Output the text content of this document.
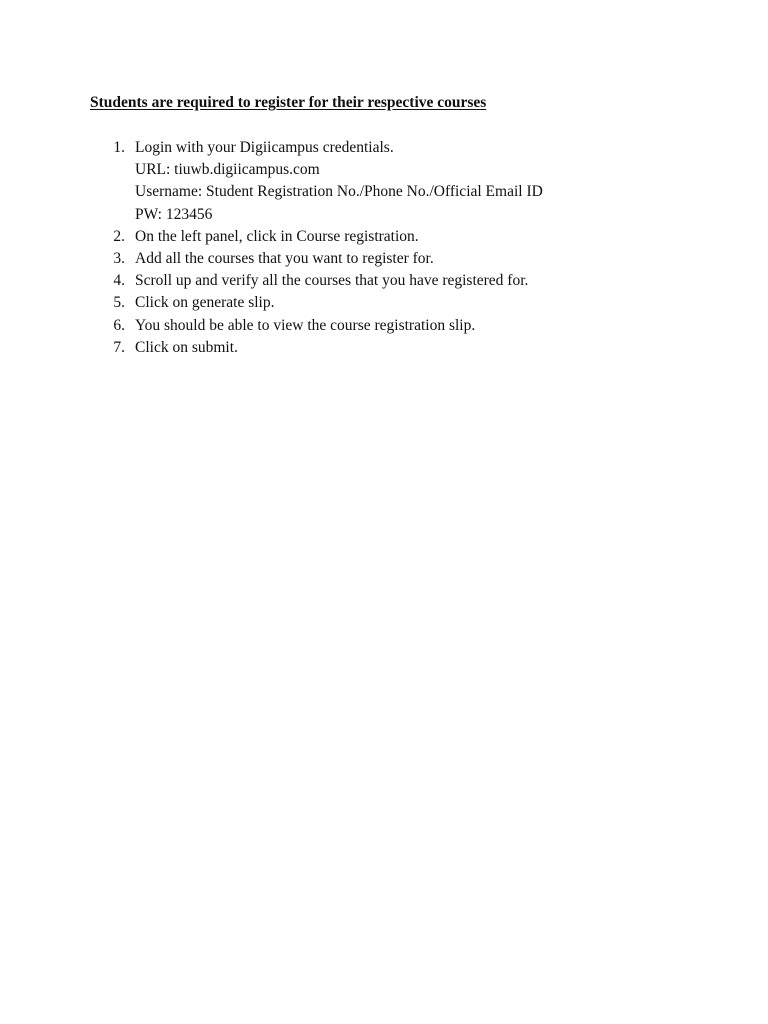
Students are required to register for their respective courses
1. Login with your Digiicampus credentials.
URL: tiuwb.digiicampus.com
Username: Student Registration No./Phone No./Official Email ID
PW: 123456
2. On the left panel, click in Course registration.
3. Add all the courses that you want to register for.
4. Scroll up and verify all the courses that you have registered for.
5. Click on generate slip.
6. You should be able to view the course registration slip.
7. Click on submit.
